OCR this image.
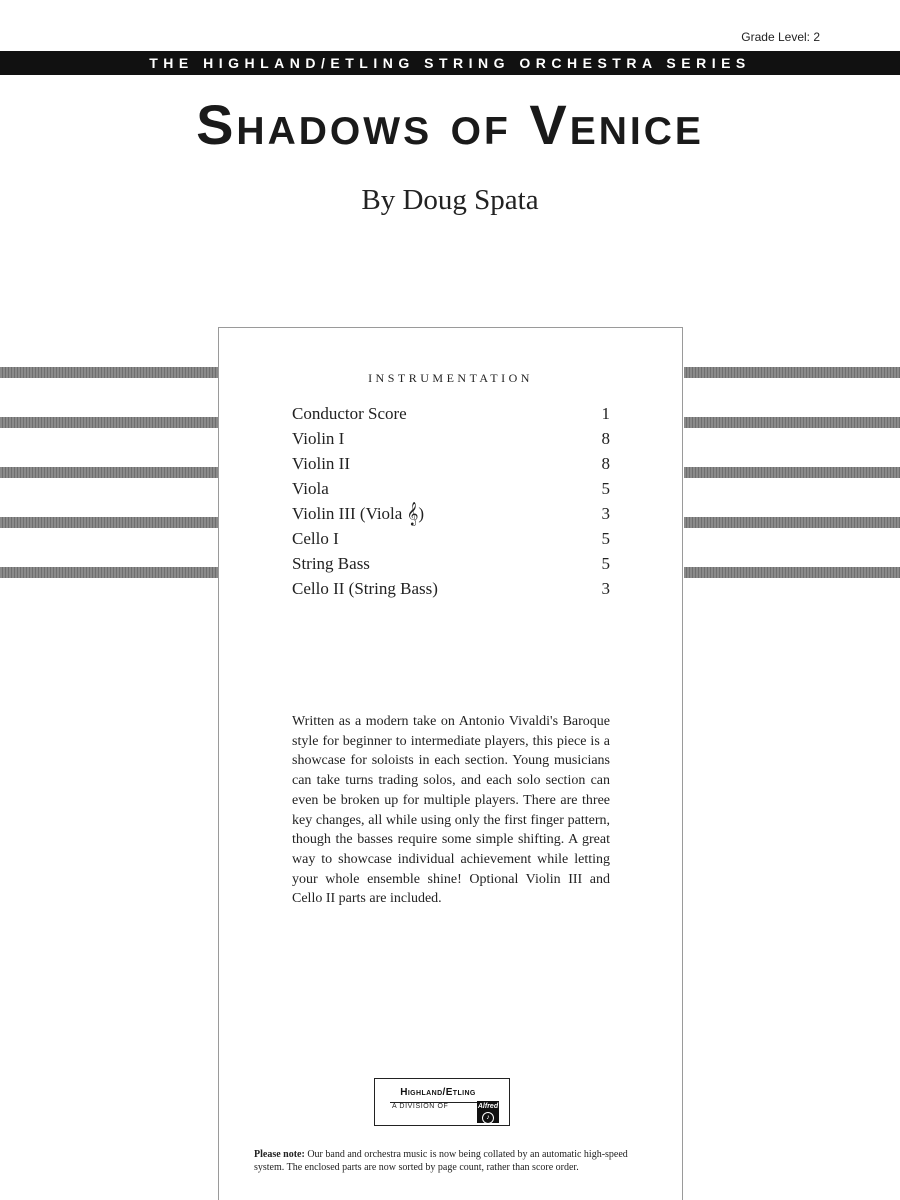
Grade Level: 2
THE HIGHLAND/ETLING STRING ORCHESTRA SERIES
Shadows of Venice
By Doug Spata
INSTRUMENTATION
Conductor Score	1
Violin I	8
Violin II	8
Viola	5
Violin III (Viola 𝄞)	3
Cello I	5
String Bass	5
Cello II (String Bass)	3
Written as a modern take on Antonio Vivaldi's Baroque style for beginner to intermediate players, this piece is a showcase for soloists in each section. Young musicians can take turns trading solos, and each solo section can even be broken up for multiple players. There are three key changes, all while using only the first finger pattern, though the basses require some simple shifting. A great way to showcase individual achievement while letting your whole ensemble shine! Optional Violin III and Cello II parts are included.
Highland/Etling
A DIVISION OF	Alfred
♪
Please note: Our band and orchestra music is now being collated by an automatic high-speed system. The enclosed parts are now sorted by page count, rather than score order.
